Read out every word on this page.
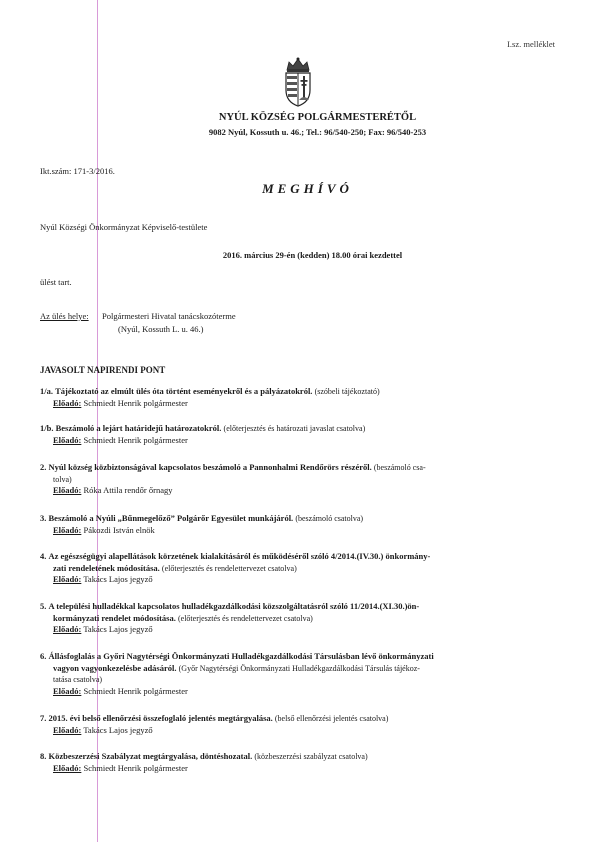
I.sz. melléklet
NYÚL KÖZSÉG POLGÁRMESTERÉTŐL
9082 Nyúl, Kossuth u. 46.; Tel.: 96/540-250; Fax: 96/540-253
Ikt.szám: 171-3/2016.
MEGHÍVÓ
Nyúl Községi Önkormányzat Képviselő-testülete
2016. március 29-én (kedden) 18.00 órai kezdettel
ülést tart.
Az ülés helye: Polgármesteri Hivatal tanácskozóterme
(Nyúl, Kossuth L. u. 46.)
JAVASOLT NAPIRENDI PONT
1/a. Tájékoztató az elmúlt ülés óta történt eseményekről és a pályázatokról. (szóbeli tájékoztató)
Előadó: Schmiedt Henrik polgármester
1/b. Beszámoló a lejárt határidejű határozatokról. (előterjesztés és határozati javaslat csatolva)
Előadó: Schmiedt Henrik polgármester
2. Nyúl község közbiztonságával kapcsolatos beszámoló a Pannonhalmi Rendőrörs részéről. (beszámoló csa-
tolva)
Előadó: Róka Attila rendőr őrnagy
3. Beszámoló a Nyúli „Bűnmegelőző” Polgárőr Egyesület munkájáról. (beszámoló csatolva)
Előadó: Pákozdi István elnök
4. Az egészségügyi alapellátások körzetének kialakításáról és működéséről szóló 4/2014.(IV.30.) önkormány-
zati rendeletének módosítása. (előterjesztés és rendelettervezet csatolva)
Előadó: Takács Lajos jegyző
5. A települési hulladékkal kapcsolatos hulladékgazdálkodási közszolgáltatásról szóló 11/2014.(XI.30.)ön-
kormányzati rendelet módosítása. (előterjesztés és rendelettervezet csatolva)
Előadó: Takács Lajos jegyző
6. Állásfoglalás a Győri Nagytérségi Önkormányzati Hulladékgazdálkodási Társulásban lévő önkormányzati
vagyon vagyonkezelésbe adásáról. (Győr Nagytérségi Önkormányzati Hulladékgazdálkodási Társulás tájékoz-
tatása csatolva)
Előadó: Schmiedt Henrik polgármester
7. 2015. évi belső ellenőrzési összefoglaló jelentés megtárgyalása. (belső ellenőrzési jelentés csatolva)
Előadó: Takács Lajos jegyző
8. Közbeszerzési Szabályzat megtárgyalása, döntéshozatal. (közbeszerzési szabályzat csatolva)
Előadó: Schmiedt Henrik polgármester
